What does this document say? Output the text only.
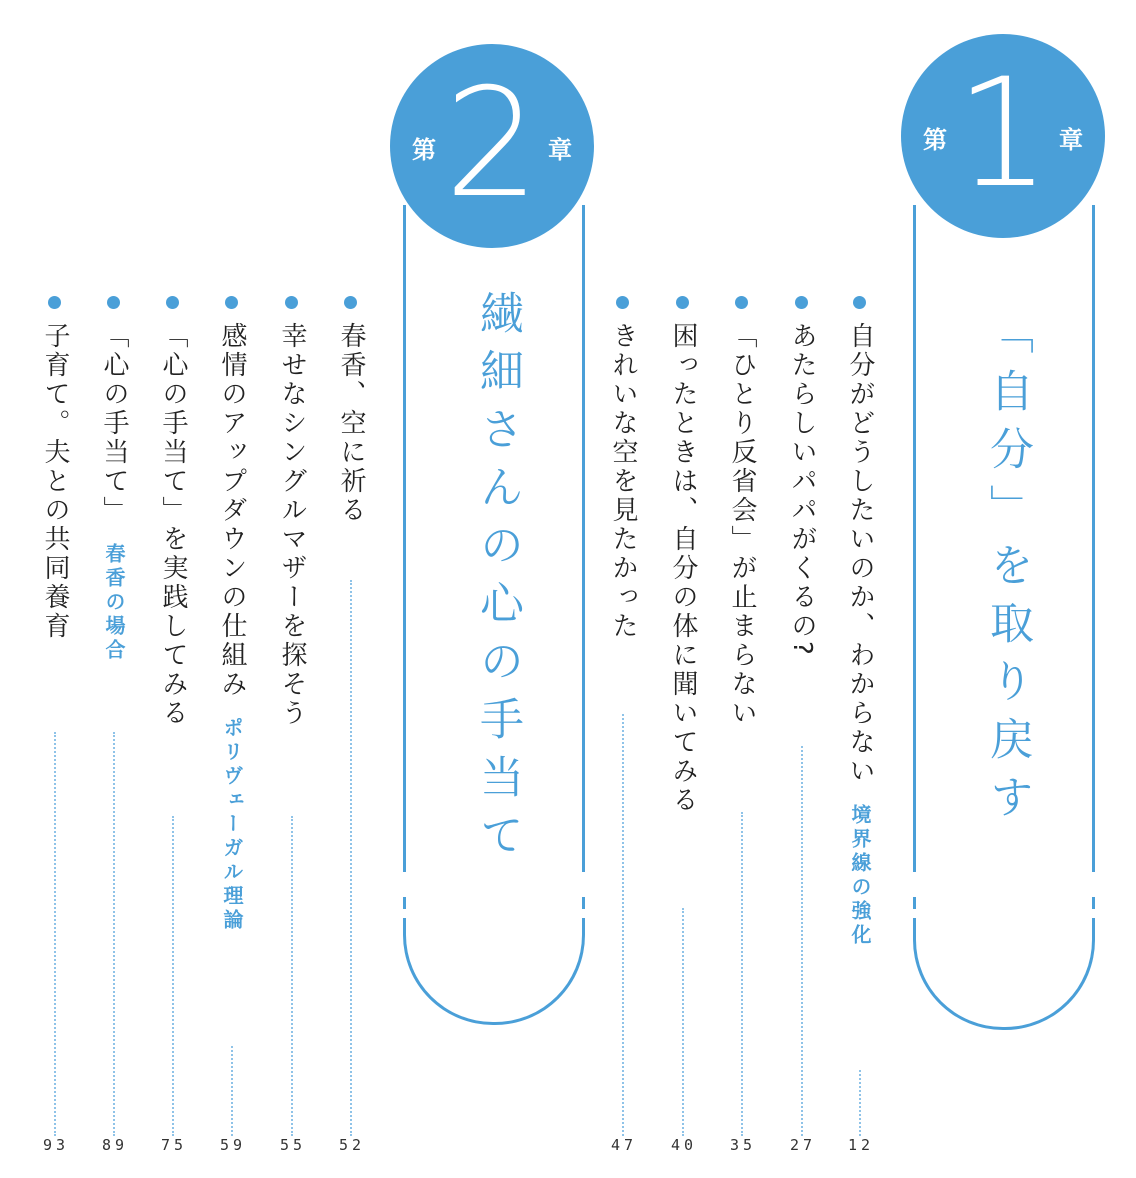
第 1 章
「自分」を取り戻す
自分がどうしたいのか、わからない境界線の強化
12
あたらしいパパがくるの?
27
「ひとり反省会」が止まらない
35
困ったときは、自分の体に聞いてみる
40
きれいな空を見たかった
47
第 2 章
繊細さんの心の手当て
春香、空に祈る
52
幸せなシングルマザーを探そう
55
感情のアップダウンの仕組みポリヴェーガル理論
59
「心の手当て」を実践してみる
75
「心の手当て」春香の場合
89
子育て。夫との共同養育
93
